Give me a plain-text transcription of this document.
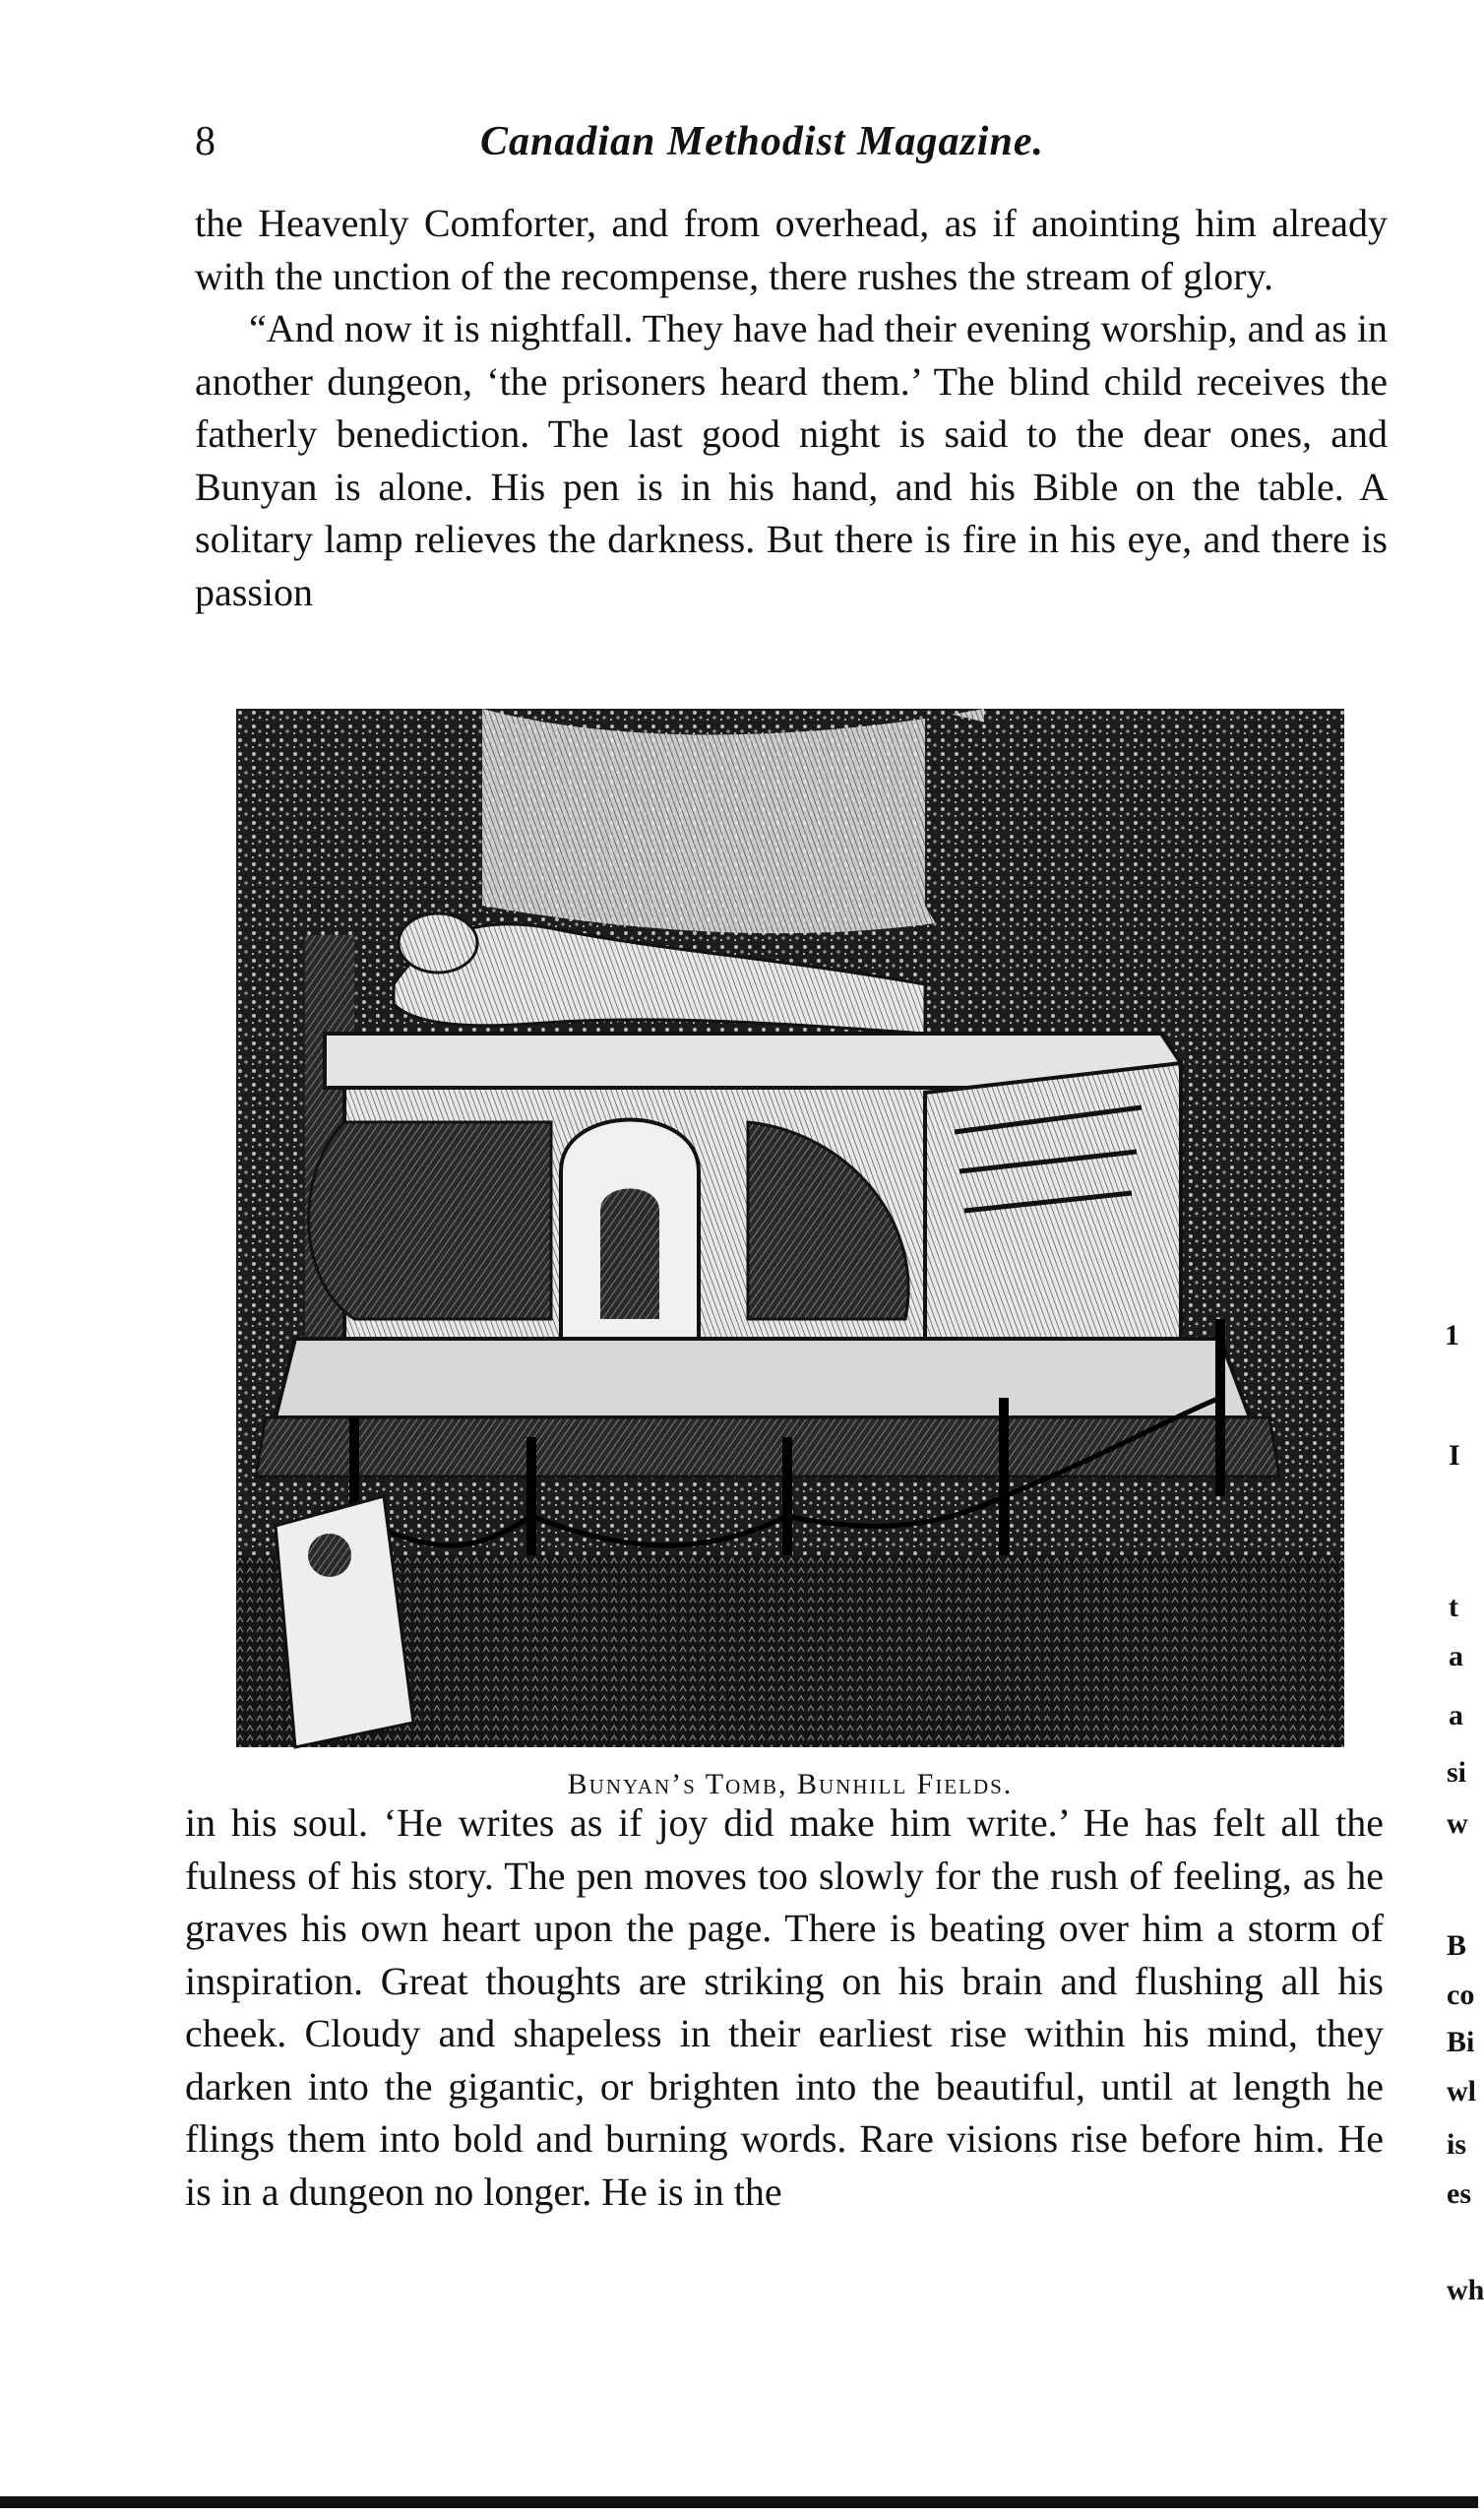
8	Canadian Methodist Magazine.

the Heavenly Comforter, and from overhead, as if anointing him already with the unction of the recompense, there rushes the stream of glory.

“And now it is nightfall. They have had their evening worship, and as in another dungeon, ‘the prisoners heard them.’ The blind child receives the fatherly benediction. The last good night is said to the dear ones, and Bunyan is alone. His pen is in his hand, and his Bible on the table. A solitary lamp relieves the darkness. But there is fire in his eye, and there is passion

Bunyan’s Tomb, Bunhill Fields.

in his soul. ‘He writes as if joy did make him write.’ He has felt all the fulness of his story. The pen moves too slowly for the rush of feeling, as he graves his own heart upon the page. There is beating over him a storm of inspiration. Great thoughts are striking on his brain and flushing all his cheek. Cloudy and shapeless in their earliest rise within his mind, they darken into the gigantic, or brighten into the beautiful, until at length he flings them into bold and burning words. Rare visions rise before him. He is in a dungeon no longer. He is in the

1
I
t
a
a
si
w
B
co
Bi
wl
is
es
wh
